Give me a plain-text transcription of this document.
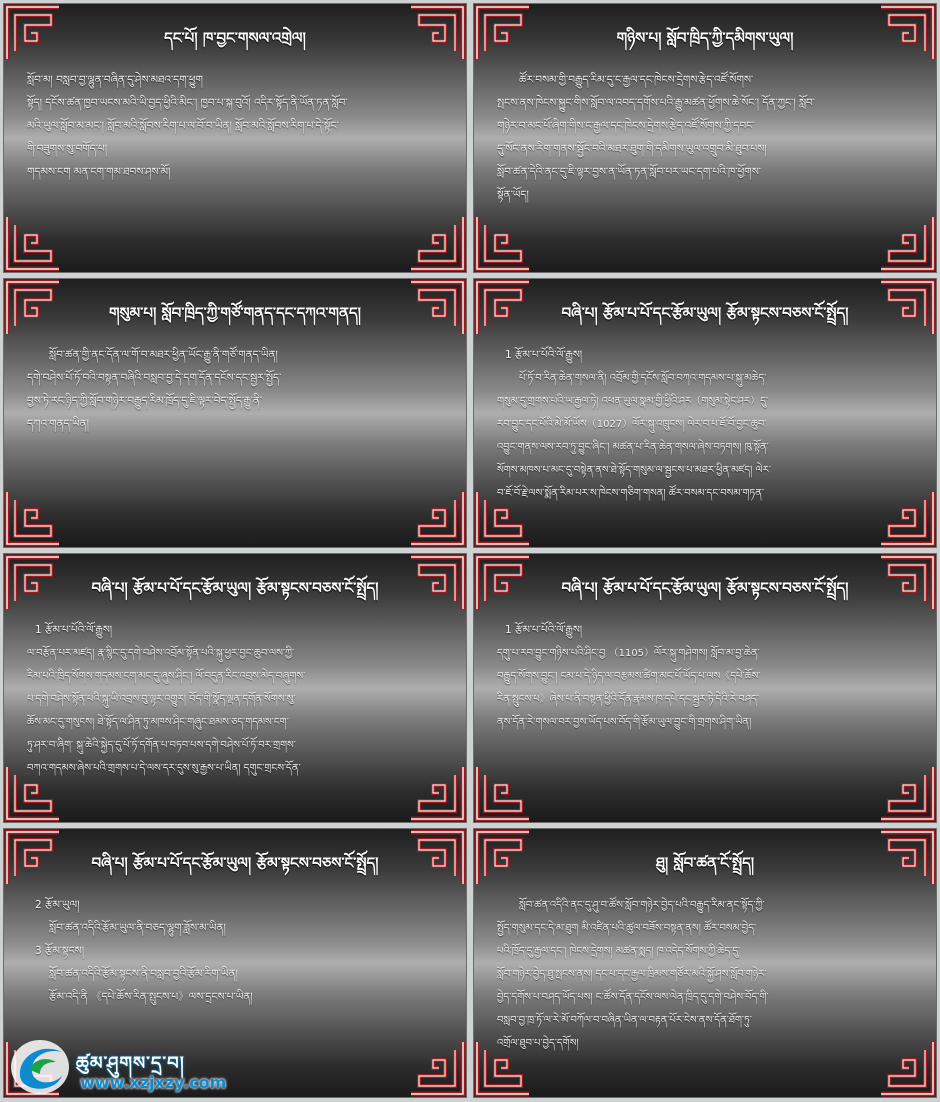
དང་པོ། ཁ་བྱང་གསལ་འགྲེལ།

སློབ་མ། བསླབ་བྱ་ལྷུན་བཞིན་དུ་ཤེས་མཐའ་དག་ཕྱུག

སྟོད། དངོས་ཚན་ཁྱབ་ཡངས་མའི་ཡི་བྱད་ཕྱིའི་མིང་། ཁྱབ་པ་སྐ་བུའོ། འདིར་སྟོད་ནི་ཡོན་ཏན་སློབ་

མའི་ཡུལ་སློབ་མ་མང་། སློབ་མའི་སློབས་རིག་པ་ལ་བོ་བ་ཡིན། སློབ་མའི་སློབས་རིག་པ་དེ་སྟོང་

གི་བཟུགས་སུ་བགོད་པ།

གདམས་ངག མན་ངག་གམ་ཐབས་ཤས་མོ།

གཉིས་པ། སློབ་ཁྲིད་ཀྱི་དམིགས་ཡུལ།

ཚོར་བསམ་གྱི་བརྒྱུད་རིམ་དུ་ང་རྒྱལ་དང་ཁེངས་དྲེགས་རྩེད་འཛོ་སོགས་

སྤངས་ནས་ཁེངས་སྐྱུང་གིས་སློབ་ལ་འབད་དགོས་པའི་རྒྱུ་མཚན་ཕྱོགས་ཆེ་སོང་། དོན་ཀྱང་། སློབ་

གཉེར་བ་མང་པོ་ཞིག་གིས་ང་རྒྱལ་དང་ཁེངས་དྲེགས་རྩེད་འཛོ་སོགས་ཀྱི་དབང་

དུ་སོང་ནས་རིག་གནས་སྦྱོང་བའི་མཐར་ཐུག་གི་དམིགས་ཡུལ་འགྲུབ་མི་ཐུབ་པས།

སློབ་ཚན་དེའི་ནང་དུ་ཇི་ལྟར་བྱས་ན་ཡོན་ཏན་སློབ་པར་ཡང་དག་པའི་ཁ་ཕྱོགས་

སྟོན་ཡོད།

གསུམ་པ། སློབ་ཁྲིད་ཀྱི་གཙོ་གནད་དང་དཀའ་གནད།

སློབ་ཚན་གྱི་ནང་དོན་ལ་གོ་བ་མཐར་ཕྱིན་ཡོང་རྒྱུ་ནི་གཙོ་གནད་ཡིན།

དགེ་བཤེས་པོ་ཏོ་བའི་བསྟན་བཞིའི་བསླབ་བྱ་དེ་དག་དོན་དངོས་དང་སྦྱར་སྤྱོད་

བྱས་ཏེ་རང་ཉིད་ཀྱི་སློབ་གཉེར་བརྒྱུད་རིམ་ཁྲོད་དུ་ཇི་ལྟར་བེད་སྤྱོད་རྒྱུ་ནི་

དཀའ་གནད་ཡིན།

བཞི་པ། རྩོམ་པ་པོ་དང་རྩོམ་ཡུལ། རྩོམ་སྟངས་བཅས་ངོ་སྤྲོད།

1 རྩོམ་པ་པོའི་ལོ་རྒྱུས།

པོ་ཏོ་བ་རིན་ཆེན་གསལ་ནི། འབྲོམ་གྱི་དངོས་སློབ་བཀའ་གདམས་པ་སྐུ་མཆེད་

གསུམ་དུ་གྲགས་པའི་ཡ་རྒྱལ་ཏེ། འཕན་ཡུལ་སྣམ་གྱི་ཕྱིའི་ཤར（གསུམ་སྟེང་ཤར）དུ་

རབ་བྱུང་དང་པོའི་མེ་མོ་ཡོས（1027）ལོར་སྐུ་འཁྲུངས། ལེར་བ་པ་ཇོ་བོ་བྱང་ཆུབ་

འབྱུང་གནས་ལས་རབ་ཏུ་བྱུང་ཞིང་། མཚན་པ་རིན་ཆེན་གསལ་ཞེས་བཏགས། ཁུ་སྟོན་

སོགས་མཁས་པ་མང་དུ་བསྟེན་ནས་ཐེ་སྟོད་གསུམ་ལ་སྦྱངས་པ་མཐར་ཕྱིན་མཛད། ལེར་

བ་ཇོ་བོ་རྗེ་ལས་སྨོན་རིམ་པར་ས་ཁེངས་གཅིག་གསན། ཚོར་བསམ་དང་བསམ་གཏན་

བཞི་པ། རྩོམ་པ་པོ་དང་རྩོམ་ཡུལ། རྩོམ་སྟངས་བཅས་ངོ་སྤྲོད།

1 རྩོམ་པ་པོའི་ལོ་རྒྱུས།

ལ་བརྩོན་པར་མཛད། རྣ་སྙིང་དུ་དགེ་བཤེས་འབྲོམ་སྟོན་པའི་སྐུ་ཕྱར་བྱང་ཆུབ་ལས་ཀྱི་

རིམ་པའི་ཁྲིད་སོགས་གདམས་ངག་མང་དུ་ཞུས་ཤིང་། ལོ་བདུན་རིང་འབྲས་མེད་བཞུགས་

པ་དགེ་བཤེས་སྟོན་པའི་སྐུ་ཡི་འབྲས་བུ་ལྟར་འགྱུར། བོད་གི་སྣོད་ལྡན་དགོན་སོགས་སུ་

ཆོས་མང་དུ་གསུངས། ཐེ་སྟོད་ལ་ཤིན་ཏུ་མཁས་ཤིང་གཞུང་ཐམས་ཅད་གདམས་ངག་

ཏུ་ཤར་བ་ཞིག་ སྐུ་ཆེའི་སྐྱེད་དུ་པོ་ཏོ་དགོན་པ་བཏབ་པས་དགེ་བཤེས་པོ་ཏོ་བར་གྲགས་

བཀའ་གདམས་ཞེས་པའི་གྲགས་པ་དེ་ལས་དར་དུས་སུ་རྒྱས་པ་ཡིན། དགུང་གྲངས་དོན་

བཞི་པ། རྩོམ་པ་པོ་དང་རྩོམ་ཡུལ། རྩོམ་སྟངས་བཅས་ངོ་སྤྲོད།

1 རྩོམ་པ་པོའི་ལོ་རྒྱུས།

དགུ་པ་རབ་བྱུང་གཉིས་པའི་ཤིང་བྱ （1105）ལོར་སྐུ་གཤེགས། སློབ་མ་བྱ་ཆེན་

བརྒྱུད་སོགས་བྱུང་། ངམ་པ་དེ་ཉིད་ལ་བརྩམས་ཚིག་མང་པོ་ཡོད་པ་ལས《དཔེ་ཆོས་

རིན་སྤུངས་པ》ཞེས་པ་ནི་བསྟན་ཕྱིའི་དོན་རྣམས་ཁ་དཔེ་དང་སྦྱར་ཏེ་དེའི་རེ་བཤད་

ནས་དོན་རེ་གསལ་བར་བྱས་ཡོད་པས་བོད་གི་རྩོམ་ཡུལ་བྱུང་གི་གྲགས་ཤིག་ཡིན།

བཞི་པ། རྩོམ་པ་པོ་དང་རྩོམ་ཡུལ། རྩོམ་སྟངས་བཅས་ངོ་སྤྲོད།

2 རྩོམ་ཡུལ།

སློབ་ཚན་འདིའི་རྩོམ་ཡུལ་ནི་བཅད་ལྷུག་ཟློས་མ་ཡིན།

3 རྩོམ་སྟངས།

སློབ་ཚན་འདིའི་རྩོམ་སྟངས་ནི་བསླབ་བྱའི་རྩོམ་རིག་ཡིན།

རྩོམ་འདི་ནི 《དཔེ་ཆོས་རིན་སྤུངས་པ》ལས་དྲངས་པ་ཡིན།

ཐུ། སློབ་ཚན་ངོ་སྤྲོད།

སློབ་ཚན་འདིའི་ནང་དུ་ཤུ་བ་ཚོས་སློབ་གཉེར་བྱེད་པའི་བརྒྱུད་རིམ་ནང་སྟོད་ཀྱི་

སྤྱོད་གསུམ་དང་དེ་མ་ཐུག མི་འཛིན་པའི་ཚུལ་བཟོས་བསྟན་ནས། ཚོར་བསམ་བྱེད་

པའི་ཁྲོད་དུ་རྒྱལ་དང་། ཁེངས་དྲེགས། མཚན་སྨད། ཁ་འདེད་སོགས་ཀྱི་ཆེད་དུ་

སློབ་གཉེར་བྱེད་ཐུ་སྤངས་ནས། དང་པ་དང་རྒྱལ་ཁྲིམས་གཙོར་མའི་སྐྱོ་ཤས་སློབ་གཉེར་

བྱེད་དགོས་པ་བཤད་ཡོད་པས། ང་ཚོས་དོན་དངོས་ལས་ལེན་ཁྲིད་དུ་དགེ་བཤེས་བོད་གི་

བསླབ་བྱ་ཁྲ་ཏོ་ལ་རེ་མོ་བཀོལ་བ་བཞིན་ཡིན་ལ་བརྟན་པོར་ངེས་ནས་དོན་ཐོག་ཏུ་

འགྲོལ་ཐུབ་པ་བྱེད་དགོས།

ཚུམ་ཤུགས་དྲ་བ།
www.xzjxzy.com
